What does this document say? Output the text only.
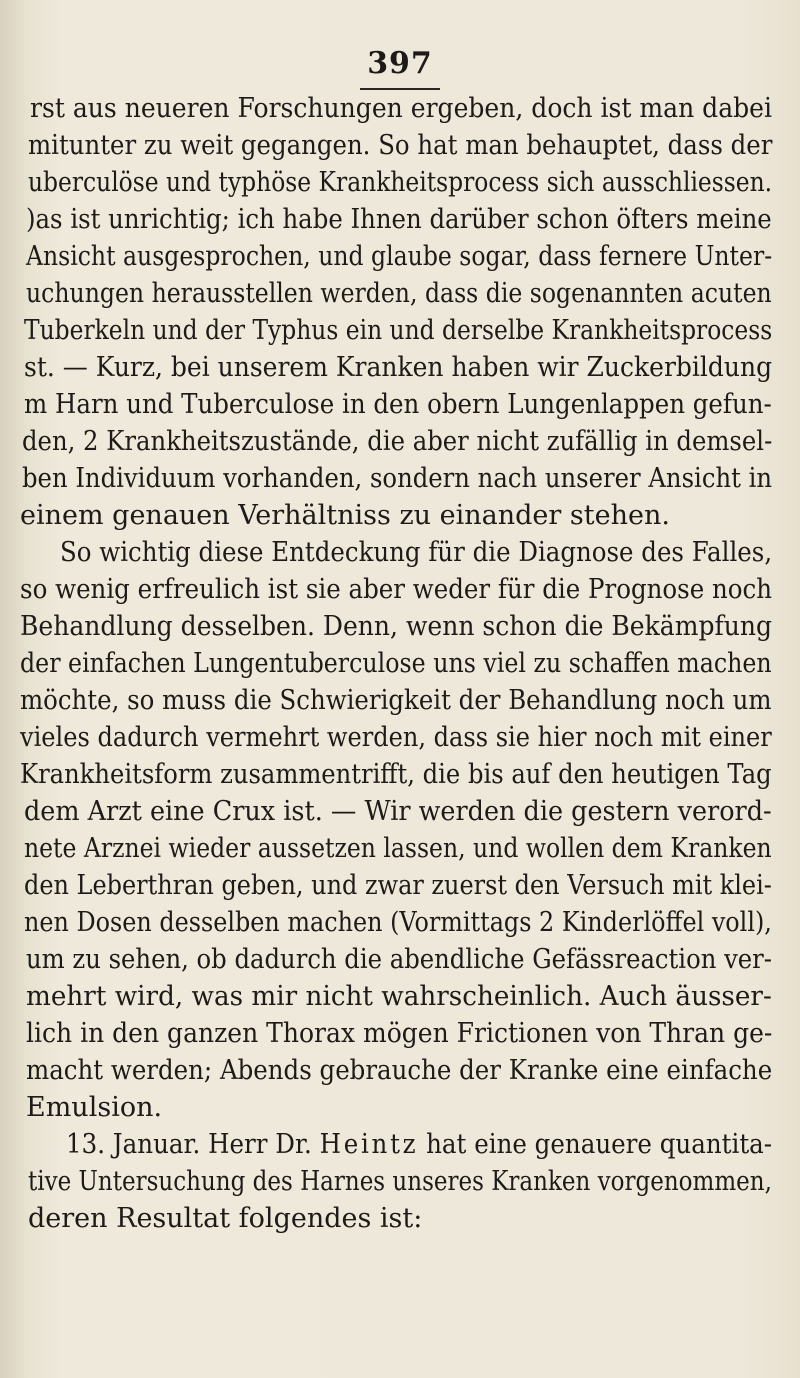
397
rst aus neueren Forschungen ergeben, doch ist man dabei
mitunter zu weit gegangen. So hat man behauptet, dass der
uberculöse und typhöse Krankheitsprocess sich ausschliessen.
)as ist unrichtig; ich habe Ihnen darüber schon öfters meine
Ansicht ausgesprochen, und glaube sogar, dass fernere Unter-
uchungen herausstellen werden, dass die sogenannten acuten
Tuberkeln und der Typhus ein und derselbe Krankheitsprocess
st. — Kurz, bei unserem Kranken haben wir Zuckerbildung
m Harn und Tuberculose in den obern Lungenlappen gefun-
den, 2 Krankheitszustände, die aber nicht zufällig in demsel-
ben Individuum vorhanden, sondern nach unserer Ansicht in
einem genauen Verhältniss zu einander stehen.
So wichtig diese Entdeckung für die Diagnose des Falles,
so wenig erfreulich ist sie aber weder für die Prognose noch
Behandlung desselben. Denn, wenn schon die Bekämpfung
der einfachen Lungentuberculose uns viel zu schaffen machen
möchte, so muss die Schwierigkeit der Behandlung noch um
vieles dadurch vermehrt werden, dass sie hier noch mit einer
Krankheitsform zusammentrifft, die bis auf den heutigen Tag
dem Arzt eine Crux ist. — Wir werden die gestern verord-
nete Arznei wieder aussetzen lassen, und wollen dem Kranken
den Leberthran geben, und zwar zuerst den Versuch mit klei-
nen Dosen desselben machen (Vormittags 2 Kinderlöffel voll),
um zu sehen, ob dadurch die abendliche Gefässreaction ver-
mehrt wird, was mir nicht wahrscheinlich. Auch äusser-
lich in den ganzen Thorax mögen Frictionen von Thran ge-
macht werden; Abends gebrauche der Kranke eine einfache
Emulsion.
13. Januar. Herr Dr. Heintz hat eine genauere quantita-
tive Untersuchung des Harnes unseres Kranken vorgenommen,
deren Resultat folgendes ist:
